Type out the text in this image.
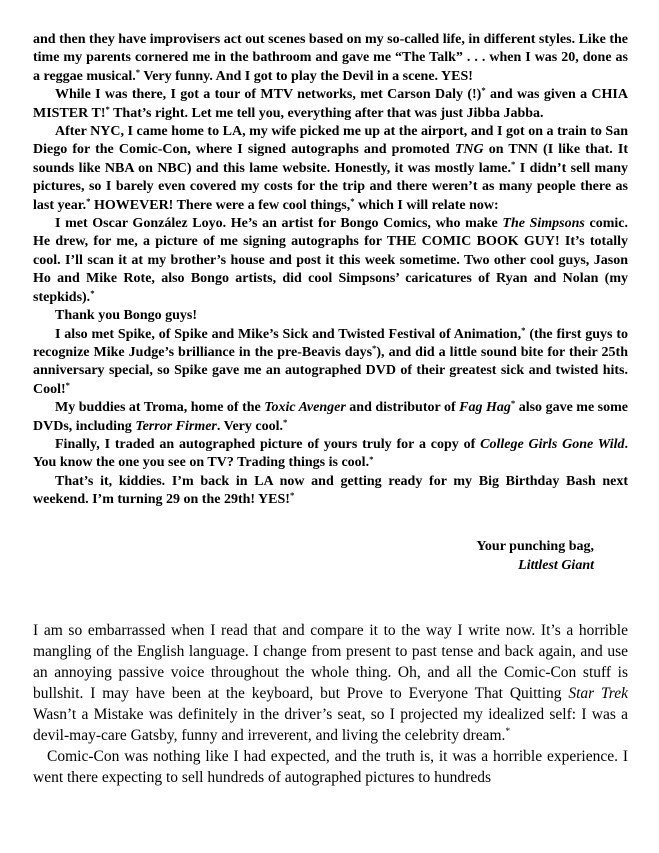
and then they have improvisers act out scenes based on my so-called life, in different styles. Like the time my parents cornered me in the bathroom and gave me “The Talk” . . . when I was 20, done as a reggae musical.* Very funny. And I got to play the Devil in a scene. YES!

While I was there, I got a tour of MTV networks, met Carson Daly (!)* and was given a CHIA MISTER T!* That’s right. Let me tell you, everything after that was just Jibba Jabba.

After NYC, I came home to LA, my wife picked me up at the airport, and I got on a train to San Diego for the Comic-Con, where I signed autographs and promoted TNG on TNN (I like that. It sounds like NBA on NBC) and this lame website. Honestly, it was mostly lame.* I didn’t sell many pictures, so I barely even covered my costs for the trip and there weren’t as many people there as last year.* HOWEVER! There were a few cool things,* which I will relate now:

I met Oscar González Loyo. He’s an artist for Bongo Comics, who make The Simpsons comic. He drew, for me, a picture of me signing autographs for THE COMIC BOOK GUY! It’s totally cool. I’ll scan it at my brother’s house and post it this week sometime. Two other cool guys, Jason Ho and Mike Rote, also Bongo artists, did cool Simpsons’ caricatures of Ryan and Nolan (my stepkids).*

Thank you Bongo guys!

I also met Spike, of Spike and Mike’s Sick and Twisted Festival of Animation,* (the first guys to recognize Mike Judge’s brilliance in the pre-Beavis days*), and did a little sound bite for their 25th anniversary special, so Spike gave me an autographed DVD of their greatest sick and twisted hits. Cool!*

My buddies at Troma, home of the Toxic Avenger and distributor of Fag Hag* also gave me some DVDs, including Terror Firmer. Very cool.*

Finally, I traded an autographed picture of yours truly for a copy of College Girls Gone Wild. You know the one you see on TV? Trading things is cool.*

That’s it, kiddies. I’m back in LA now and getting ready for my Big Birthday Bash next weekend. I’m turning 29 on the 29th! YES!*

Your punching bag,
Littlest Giant

I am so embarrassed when I read that and compare it to the way I write now. It’s a horrible mangling of the English language. I change from present to past tense and back again, and use an annoying passive voice throughout the whole thing. Oh, and all the Comic-Con stuff is bullshit. I may have been at the keyboard, but Prove to Everyone That Quitting Star Trek Wasn’t a Mistake was definitely in the driver’s seat, so I projected my idealized self: I was a devil-may-care Gatsby, funny and irreverent, and living the celebrity dream.*

Comic-Con was nothing like I had expected, and the truth is, it was a horrible experience. I went there expecting to sell hundreds of autographed pictures to hundreds
